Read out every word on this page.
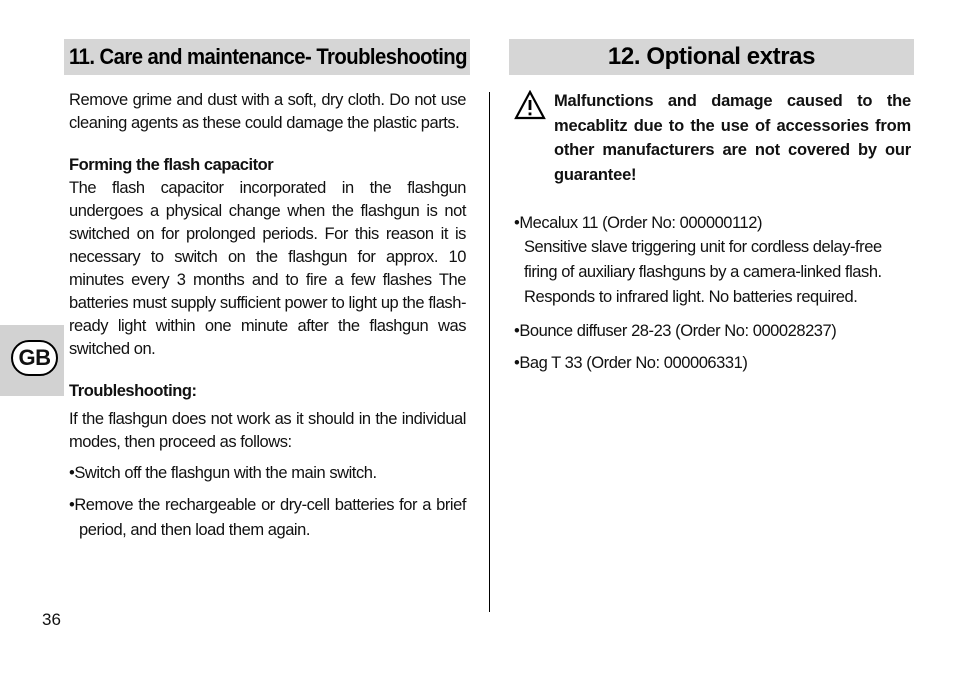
11. Care and maintenance- Troubleshooting	12. Optional extras

Remove grime and dust with a soft, dry cloth. Do not use cleaning agents as these could damage the plastic parts.

Forming the flash capacitor

The flash capacitor incorporated in the flashgun undergoes a physical change when the flashgun is not switched on for prolonged periods. For this reason it is necessary to switch on the flashgun for approx. 10 minutes every 3 months and to fire a few flashes The batteries must supply sufficient power to light up the flash-ready light within one minute after the flashgun was switched on.

Troubleshooting:

If the flashgun does not work as it should in the individual modes, then proceed as follows:

•Switch off the flashgun with the main switch.

•Remove the rechargeable or dry-cell batteries for a brief period, and then load them again.

Malfunctions and damage caused to the mecablitz due to the use of accessories from other manufacturers are not covered by our guarantee!

•Mecalux 11 (Order No: 000000112)

Sensitive slave triggering unit for cordless delay-free firing of auxiliary flashguns by a camera-linked flash. Responds to infrared light. No batteries required.

•Bounce diffuser 28-23 (Order No: 000028237)

•Bag T 33 (Order No: 000006331)

GB
36
